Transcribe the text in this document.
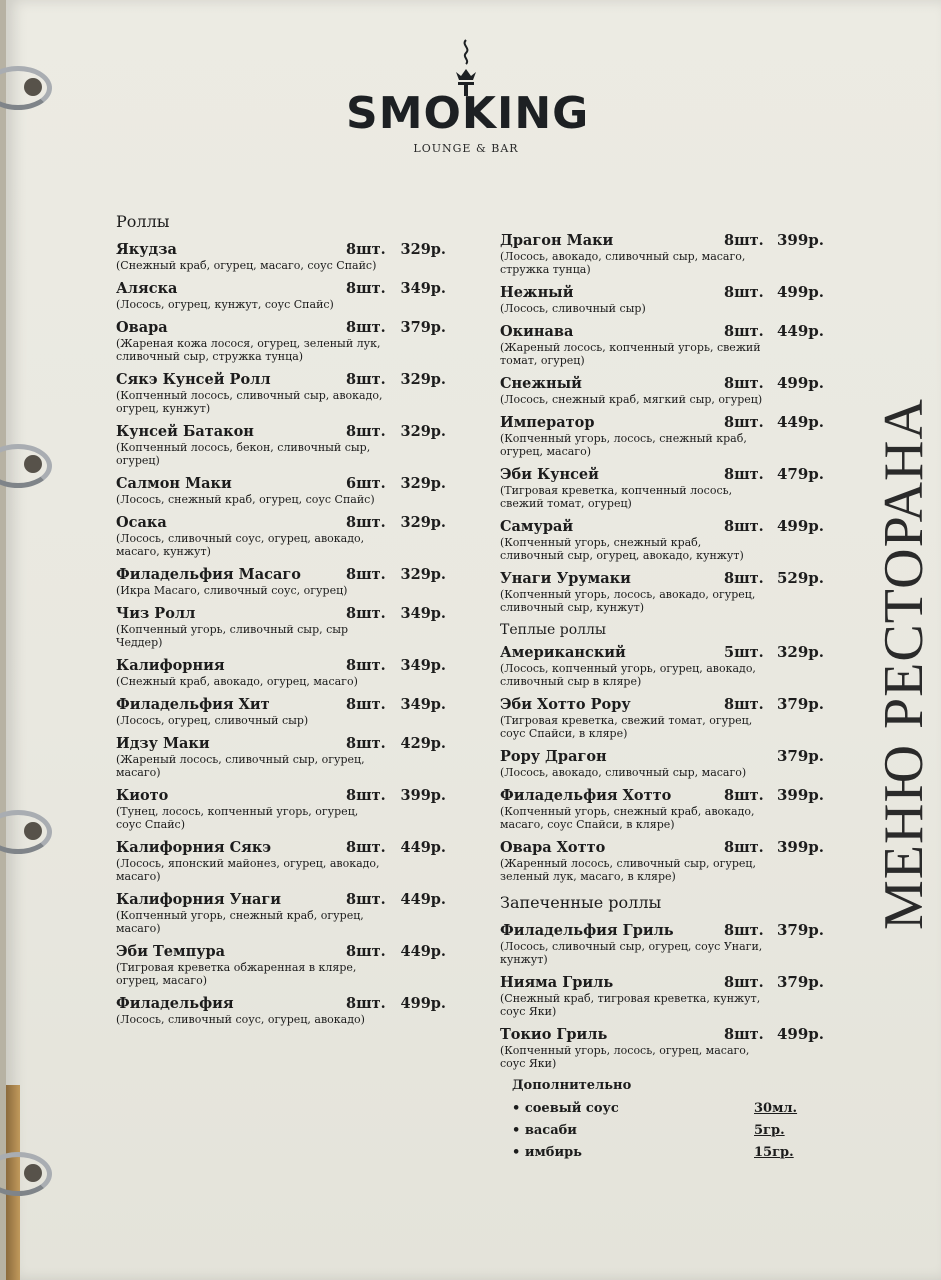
SMOKING
LOUNGE & BAR
МЕНЮ РЕСТОРАНА
Роллы
Якудза	8шт.	329р.
(Снежный краб, огурец, масаго, соус Спайс)
Аляска	8шт.	349р.
(Лосось, огурец, кунжут, соус Спайс)
Овара	8шт.	379р.
(Жареная кожа лосося, огурец, зеленый лук, сливочный сыр, стружка тунца)
Сякэ Кунсей Ролл	8шт.	329р.
(Копченный лосось, сливочный сыр, авокадо, огурец, кунжут)
Кунсей Батакон	8шт.	329р.
(Копченный лосось, бекон, сливочный сыр, огурец)
Салмон Маки	6шт.	329р.
(Лосось, снежный краб, огурец, соус Спайс)
Осака	8шт.	329р.
(Лосось, сливочный соус, огурец, авокадо, масаго, кунжут)
Филадельфия Масаго	8шт.	329р.
(Икра Масаго, сливочный соус, огурец)
Чиз Ролл	8шт.	349р.
(Копченный угорь, сливочный сыр, сыр Чеддер)
Калифорния	8шт.	349р.
(Снежный краб, авокадо, огурец, масаго)
Филадельфия Хит	8шт.	349р.
(Лосось, огурец, сливочный сыр)
Идзу Маки	8шт.	429р.
(Жареный лосось, сливочный сыр, огурец, масаго)
Киото	8шт.	399р.
(Тунец, лосось, копченный угорь, огурец, соус Спайс)
Калифорния Сякэ	8шт.	449р.
(Лосось, японский майонез, огурец, авокадо, масаго)
Калифорния Унаги	8шт.	449р.
(Копченный угорь, снежный краб, огурец, масаго)
Эби Темпура	8шт.	449р.
(Тигровая креветка обжаренная в кляре, огурец, масаго)
Филадельфия	8шт.	499р.
(Лосось, сливочный соус, огурец, авокадо)
Драгон Маки	8шт. 399р.
(Лосось, авокадо, сливочный сыр, масаго, стружка тунца)
Нежный	8шт. 499р.
(Лосось, сливочный сыр)
Окинава	8шт. 449р.
(Жареный лосось, копченный угорь, свежий томат, огурец)
Снежный	8шт. 499р.
(Лосось, снежный краб, мягкий сыр, огурец)
Император	8шт. 449р.
(Копченный угорь, лосось, снежный краб, огурец, масаго)
Эби Кунсей	8шт. 479р.
(Тигровая креветка, копченный лосось, свежий томат, огурец)
Самурай	8шт. 499р.
(Копченный угорь, снежный краб, сливочный сыр, огурец, авокадо, кунжут)
Унаги Урумаки	8шт. 529р.
(Копченный угорь, лосось, авокадо, огурец, сливочный сыр, кунжут)
Теплые роллы
Американский	5шт. 329р.
(Лосось, копченный угорь, огурец, авокадо, сливочный сыр в кляре)
Эби Хотто Рору	8шт. 379р.
(Тигровая креветка, свежий томат, огурец, соус Спайси, в кляре)
Рору Драгон	379р.
(Лосось, авокадо, сливочный сыр, масаго)
Филадельфия Хотто	8шт. 399р.
(Копченный угорь, снежный краб, авокадо, масаго, соус Спайси, в кляре)
Овара Хотто	8шт. 399р.
(Жаренный лосось, сливочный сыр, огурец, зеленый лук, масаго, в кляре)
Запеченные роллы
Филадельфия Гриль	8шт. 379р.
(Лосось, сливочный сыр, огурец, соус Унаги, кунжут)
Нияма Гриль	8шт. 379р.
(Снежный краб, тигровая креветка, кунжут, соус Яки)
Токио Гриль	8шт. 499р.
(Копченный угорь, лосось, огурец, масаго, соус Яки)
Дополнительно
• соевый соус	30мл.
• васаби	5гр.
• имбирь	15гр.
